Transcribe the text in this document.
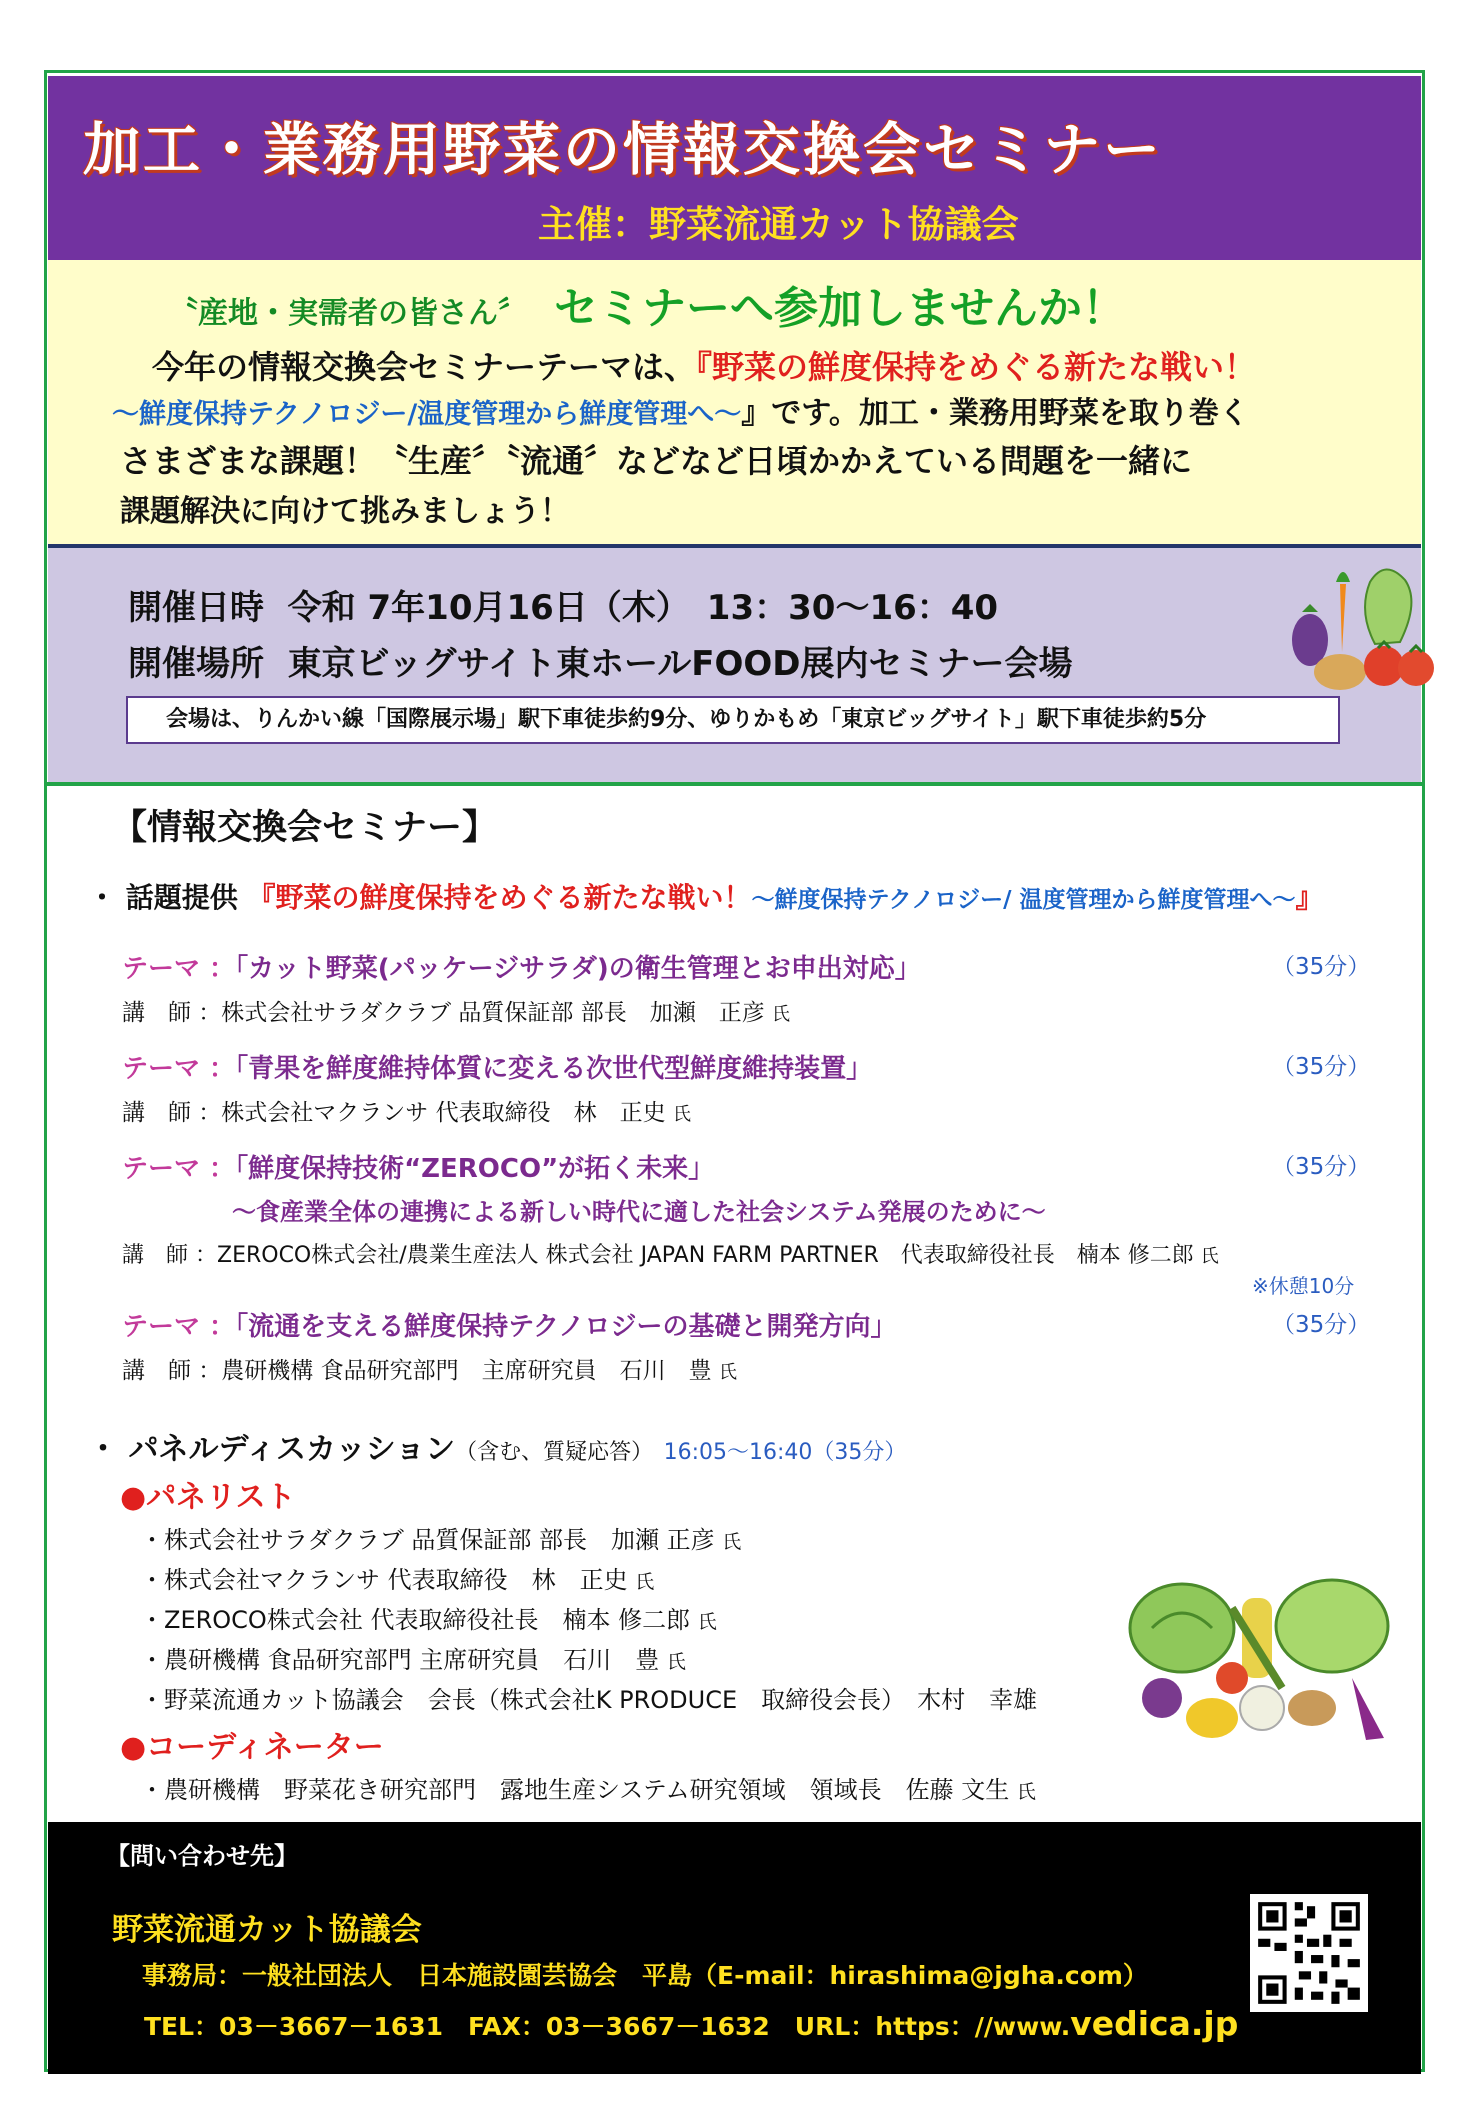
加工・業務用野菜の情報交換会セミナー
主催：野菜流通カット協議会
〝産地・実需者の皆さん〞 セミナーへ参加しませんか！
今年の情報交換会セミナーテーマは、『野菜の鮮度保持をめぐる新たな戦い！
～鮮度保持テクノロジー/温度管理から鮮度管理へ～』です。加工・業務用野菜を取り巻く
さまざまな課題！〝生産〞〝流通〞などなど日頃かかえている問題を一緒に
課題解決に向けて挑みましょう！
開催日時 令和 7年10月16日（木）　13：30～16：40
開催場所 東京ビッグサイト東ホールFOOD展内セミナー会場
会場は、りんかい線「国際展示場」駅下車徒歩約9分、ゆりかもめ「東京ビッグサイト」駅下車徒歩約5分
【情報交換会セミナー】
・ 話題提供 『野菜の鮮度保持をめぐる新たな戦い！～鮮度保持テクノロジー/ 温度管理から鮮度管理へ～』
テーマ ：「カット野菜(パッケージサラダ)の衛生管理とお申出対応」	（35分）
講　師 ：株式会社サラダクラブ 品質保証部 部長　加瀬　正彦 氏
テーマ ：「青果を鮮度維持体質に変える次世代型鮮度維持装置」	（35分）
講　師 ：株式会社マクランサ 代表取締役　林　正史 氏
テーマ ：「鮮度保持技術“ZEROCO”が拓く未来」	（35分）
～食産業全体の連携による新しい時代に適した社会システム発展のために～
講　師 ：ZEROCO株式会社/農業生産法人 株式会社 JAPAN FARM PARTNER　代表取締役社長　楠本 修二郎 氏
※休憩10分
テーマ ：「流通を支える鮮度保持テクノロジーの基礎と開発方向」	（35分）
講　師 ：農研機構 食品研究部門　主席研究員　石川　豊 氏
・ パネルディスカッション（含む、質疑応答） 16:05～16:40（35分）
●パネリスト
・株式会社サラダクラブ 品質保証部 部長　加瀬 正彦 氏
・株式会社マクランサ 代表取締役　林　正史 氏
・ZEROCO株式会社 代表取締役社長　楠本 修二郎 氏
・農研機構 食品研究部門 主席研究員　石川　豊 氏
・野菜流通カット協議会　会長（株式会社K PRODUCE　取締役会長）　木村　幸雄
●コーディネーター
・農研機構　野菜花き研究部門　露地生産システム研究領域　領域長　佐藤 文生 氏
【問い合わせ先】
野菜流通カット協議会
事務局：一般社団法人　日本施設園芸協会　平島（E-mail：hirashima@jgha.com）
TEL：03－3667－1631　FAX：03－3667－1632　URL：https：//www.vedica.jp
